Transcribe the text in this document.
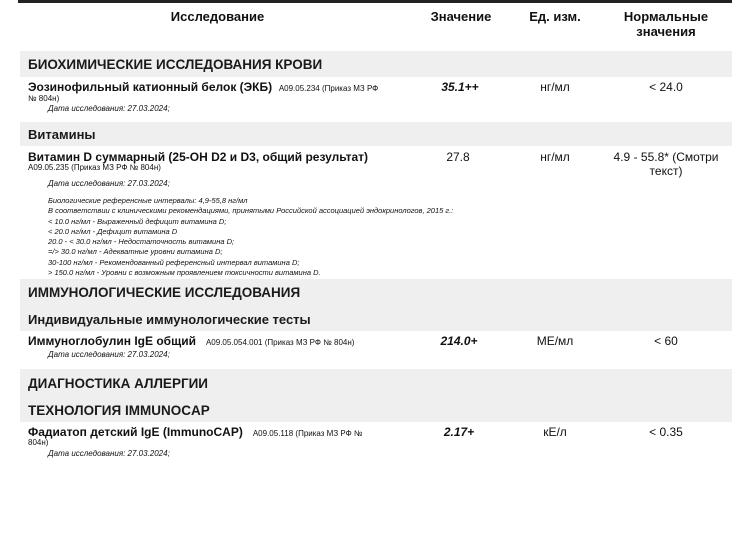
Исследование	Значение	Ед. изм.	Нормальные
значения
БИОХИМИЧЕСКИЕ ИССЛЕДОВАНИЯ КРОВИ
Эозинофильный катионный белок (ЭКБ) A09.05.234 (Приказ МЗ РФ
№ 804н)
Дата исследования: 27.03.2024;
35.1++	нг/мл	< 24.0
Витамины
Витамин D суммарный (25-OH D2 и D3, общий результат)
A09.05.235 (Приказ МЗ РФ № 804н)
Дата исследования: 27.03.2024;
27.8	нг/мл	4.9 - 55.8* (Смотри
текст)
Биологические референсные интервалы: 4,9-55,8 нг/мл
В соответствии с клиническими рекомендациями, принятыми Российской ассоциацией эндокринологов, 2015 г.:
< 10.0 нг/мл - Выраженный дефицит витамина D;
< 20.0 нг/мл - Дефицит витамина D
20.0 - < 30.0 нг/мл - Недостаточность витамина D;
=/> 30.0 нг/мл - Адекватные уровни витамина D;
30-100 нг/мл - Рекомендованный референсный интервал витамина D;
> 150.0 нг/мл - Уровни с возможным проявлением токсичности витамина D.
ИММУНОЛОГИЧЕСКИЕ ИССЛЕДОВАНИЯ
Индивидуальные иммунологические тесты
Иммуноглобулин IgE общий A09.05.054.001 (Приказ МЗ РФ № 804н)
Дата исследования: 27.03.2024;
214.0+	МЕ/мл	< 60
ДИАГНОСТИКА АЛЛЕРГИИ
ТЕХНОЛОГИЯ IMMUNOCAP
Фадиатоп детский IgE (ImmunoCAP) A09.05.118 (Приказ МЗ РФ №
804н)
Дата исследования: 27.03.2024;
2.17+	кЕ/л	< 0.35
